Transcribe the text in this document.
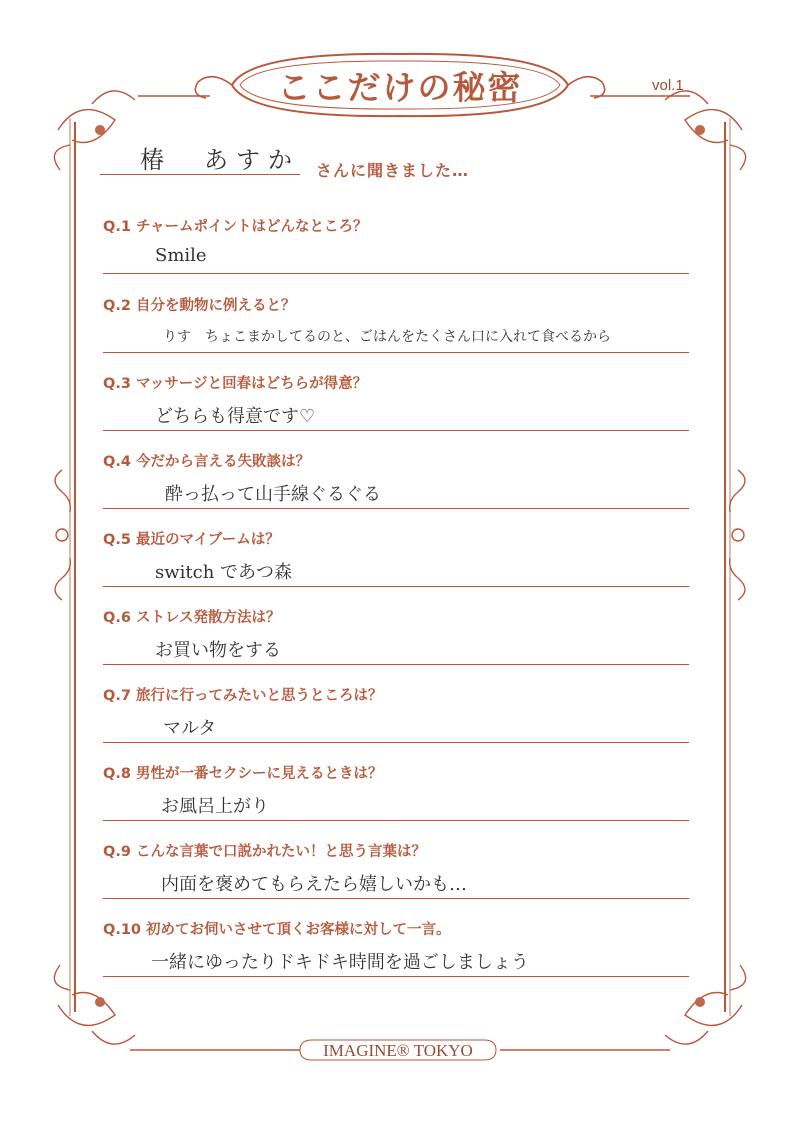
ここだけの秘密	vol.1
椿　あすか さんに聞きました…
Q.1 チャームポイントはどんなところ？
Smile
Q.2 自分を動物に例えると？
りす　ちょこまかしてるのと、ごはんをたくさん口に入れて食べるから
Q.3 マッサージと回春はどちらが得意？
どちらも得意です♡
Q.4 今だから言える失敗談は？
酔っ払って山手線ぐるぐる
Q.5 最近のマイブームは？
switch であつ森
Q.6 ストレス発散方法は？
お買い物をする
Q.7 旅行に行ってみたいと思うところは？
マルタ
Q.8 男性が一番セクシーに見えるときは？
お風呂上がり
Q.9 こんな言葉で口説かれたい！と思う言葉は？
内面を褒めてもらえたら嬉しいかも…
Q.10 初めてお伺いさせて頂くお客様に対して一言。
一緒にゆったりドキドキ時間を過ごしましょう
IMAGINE® TOKYO
